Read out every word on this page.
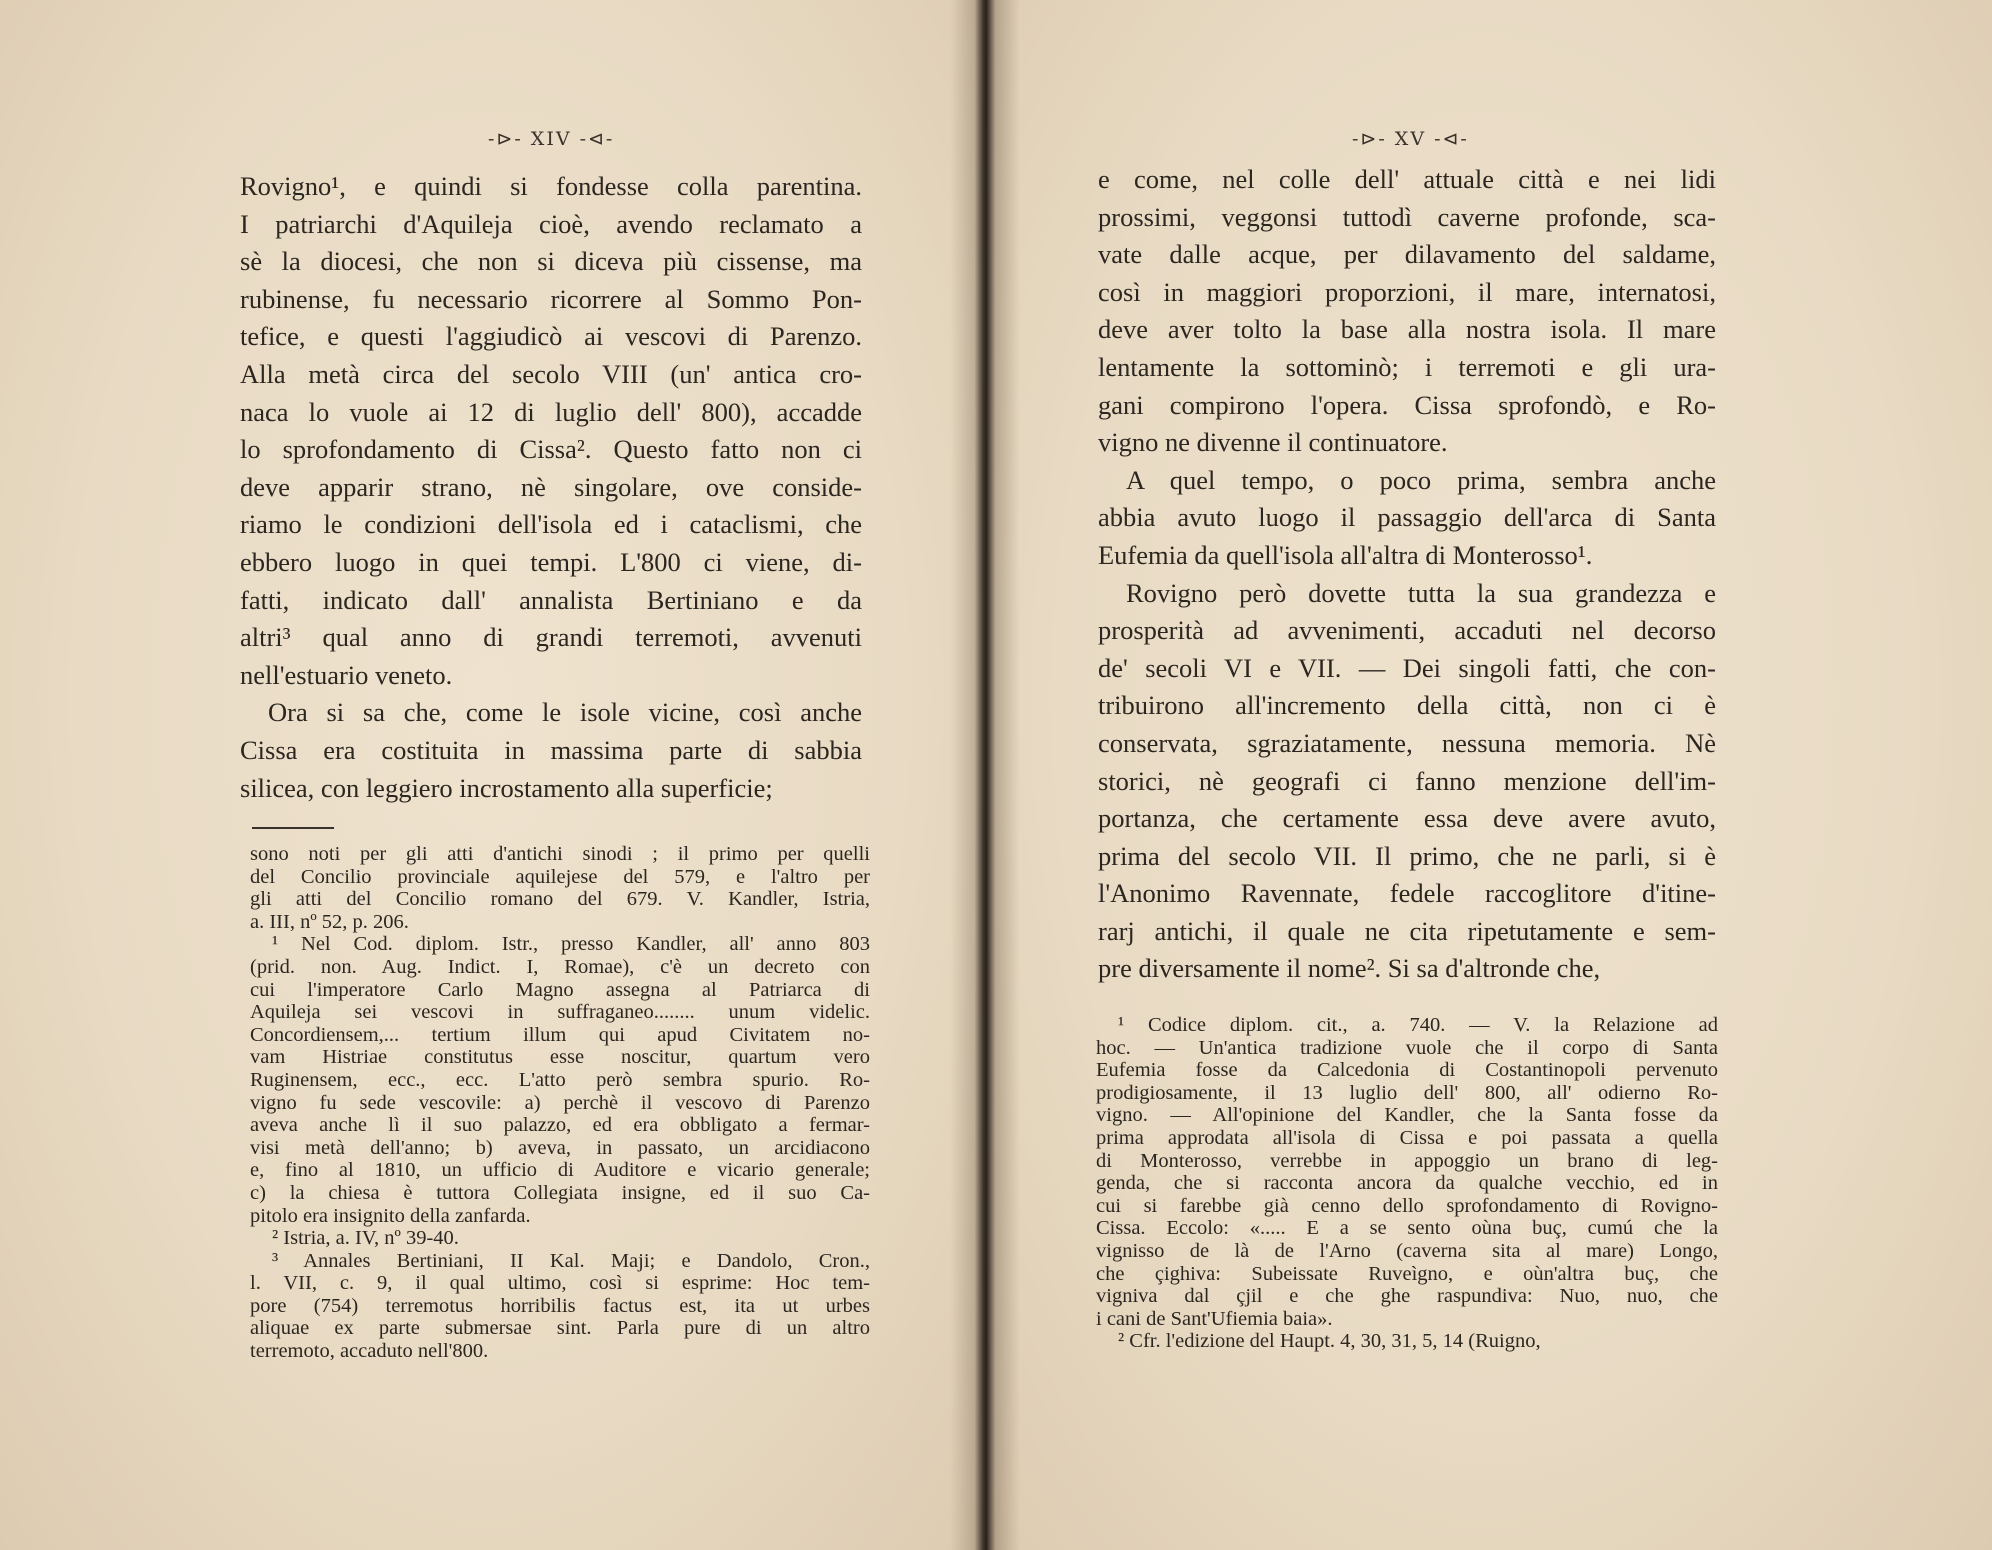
-⊳- XIV -⊲-
Rovigno¹, e quindi si fondesse colla parentina.
I patriarchi d'Aquileja cioè, avendo reclamato a
sè la diocesi, che non si diceva più cissense, ma
rubinense, fu necessario ricorrere al Sommo Pon-
tefice, e questi l'aggiudicò ai vescovi di Parenzo.
Alla metà circa del secolo VIII (un' antica cro-
naca lo vuole ai 12 di luglio dell' 800), accadde
lo sprofondamento di Cissa². Questo fatto non ci
deve apparir strano, nè singolare, ove conside-
riamo le condizioni dell'isola ed i cataclismi, che
ebbero luogo in quei tempi. L'800 ci viene, di-
fatti, indicato dall' annalista Bertiniano e da
altri³ qual anno di grandi terremoti, avvenuti
nell'estuario veneto.
Ora si sa che, come le isole vicine, così anche
Cissa era costituita in massima parte di sabbia
silicea, con leggiero incrostamento alla superficie;
sono noti per gli atti d'antichi sinodi ; il primo per quelli
del Concilio provinciale aquilejese del 579, e l'altro per
gli atti del Concilio romano del 679. V. Kandler, Istria,
a. III, nº 52, p. 206.
¹ Nel Cod. diplom. Istr., presso Kandler, all' anno 803
(prid. non. Aug. Indict. I, Romae), c'è un decreto con
cui l'imperatore Carlo Magno assegna al Patriarca di
Aquileja sei vescovi in suffraganeo........ unum videlic.
Concordiensem,... tertium illum qui apud Civitatem no-
vam Histriae constitutus esse noscitur, quartum vero
Ruginensem, ecc., ecc. L'atto però sembra spurio. Ro-
vigno fu sede vescovile: a) perchè il vescovo di Parenzo
aveva anche lì il suo palazzo, ed era obbligato a fermar-
visi metà dell'anno; b) aveva, in passato, un arcidiacono
e, fino al 1810, un ufficio di Auditore e vicario generale;
c) la chiesa è tuttora Collegiata insigne, ed il suo Ca-
pitolo era insignito della zanfarda.
² Istria, a. IV, nº 39-40.
³ Annales Bertiniani, II Kal. Maji; e Dandolo, Cron.,
l. VII, c. 9, il qual ultimo, così si esprime: Hoc tem-
pore (754) terremotus horribilis factus est, ita ut urbes
aliquae ex parte submersae sint. Parla pure di un altro
terremoto, accaduto nell'800.
-⊳- XV -⊲-
e come, nel colle dell' attuale città e nei lidi
prossimi, veggonsi tuttodì caverne profonde, sca-
vate dalle acque, per dilavamento del saldame,
così in maggiori proporzioni, il mare, internatosi,
deve aver tolto la base alla nostra isola. Il mare
lentamente la sottominò; i terremoti e gli ura-
gani compirono l'opera. Cissa sprofondò, e Ro-
vigno ne divenne il continuatore.
A quel tempo, o poco prima, sembra anche
abbia avuto luogo il passaggio dell'arca di Santa
Eufemia da quell'isola all'altra di Monterosso¹.
Rovigno però dovette tutta la sua grandezza e
prosperità ad avvenimenti, accaduti nel decorso
de' secoli VI e VII. — Dei singoli fatti, che con-
tribuirono all'incremento della città, non ci è
conservata, sgraziatamente, nessuna memoria. Nè
storici, nè geografi ci fanno menzione dell'im-
portanza, che certamente essa deve avere avuto,
prima del secolo VII. Il primo, che ne parli, si è
l'Anonimo Ravennate, fedele raccoglitore d'itine-
rarj antichi, il quale ne cita ripetutamente e sem-
pre diversamente il nome². Si sa d'altronde che,
¹ Codice diplom. cit., a. 740. — V. la Relazione ad
hoc. — Un'antica tradizione vuole che il corpo di Santa
Eufemia fosse da Calcedonia di Costantinopoli pervenuto
prodigiosamente, il 13 luglio dell' 800, all' odierno Ro-
vigno. — All'opinione del Kandler, che la Santa fosse da
prima approdata all'isola di Cissa e poi passata a quella
di Monterosso, verrebbe in appoggio un brano di leg-
genda, che si racconta ancora da qualche vecchio, ed in
cui si farebbe già cenno dello sprofondamento di Rovigno-
Cissa. Eccolo: «..... E a se sento oùna buç, cumú che la
vignisso de là de l'Arno (caverna sita al mare) Longo,
che çighiva: Subeissate Ruveìgno, e oùn'altra buç, che
vigniva dal çjil e che ghe raspundiva: Nuo, nuo, che
i cani de Sant'Ufiemia baia».
² Cfr. l'edizione del Haupt. 4, 30, 31, 5, 14 (Ruigno,
